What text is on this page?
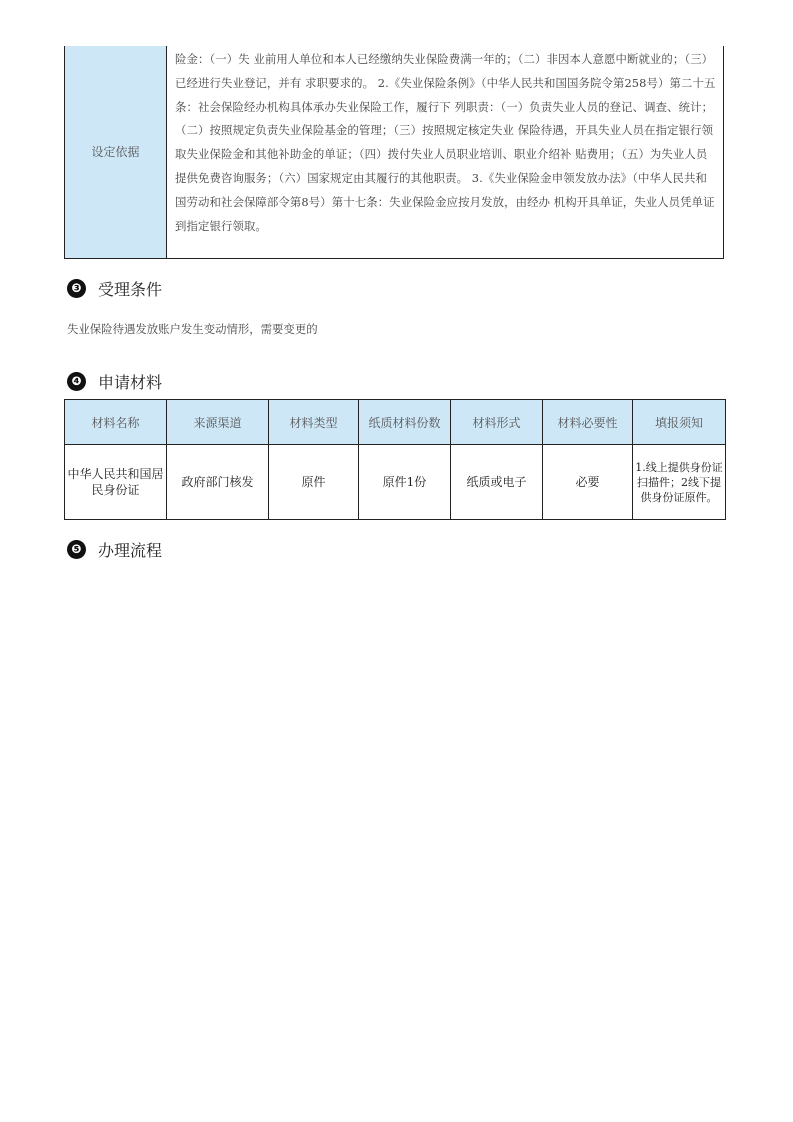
设定依据	险金：（一）失 业前用人单位和本人已经缴纳失业保险费满一年的；（二）非因本人意愿中断就业的；（三）已经进行失业登记，并有 求职要求的。 2.《失业保险条例》（中华人民共和国国务院令第258号）第二十五条：社会保险经办机构具体承办失业保险工作，履行下 列职责：（一）负责失业人员的登记、调查、统计；（二）按照规定负责失业保险基金的管理；（三）按照规定核定失业 保险待遇，开具失业人员在指定银行领取失业保险金和其他补助金的单证；（四）拨付失业人员职业培训、职业介绍补 贴费用；（五）为失业人员提供免费咨询服务；（六）国家规定由其履行的其他职责。 3.《失业保险金申领发放办法》（中华人民共和国劳动和社会保障部令第8号）第十七条：失业保险金应按月发放，由经办 机构开具单证，失业人员凭单证到指定银行领取。
❸ 受理条件
失业保险待遇发放账户发生变动情形，需要变更的
❹ 申请材料
材料名称	来源渠道	材料类型	纸质材料份数	材料形式	材料必要性	填报须知
中华人民共和国居民身份证	政府部门核发	原件	原件1份	纸质或电子	必要	1.线上提供身份证扫描件；2线下提供身份证原件。
❺ 办理流程
